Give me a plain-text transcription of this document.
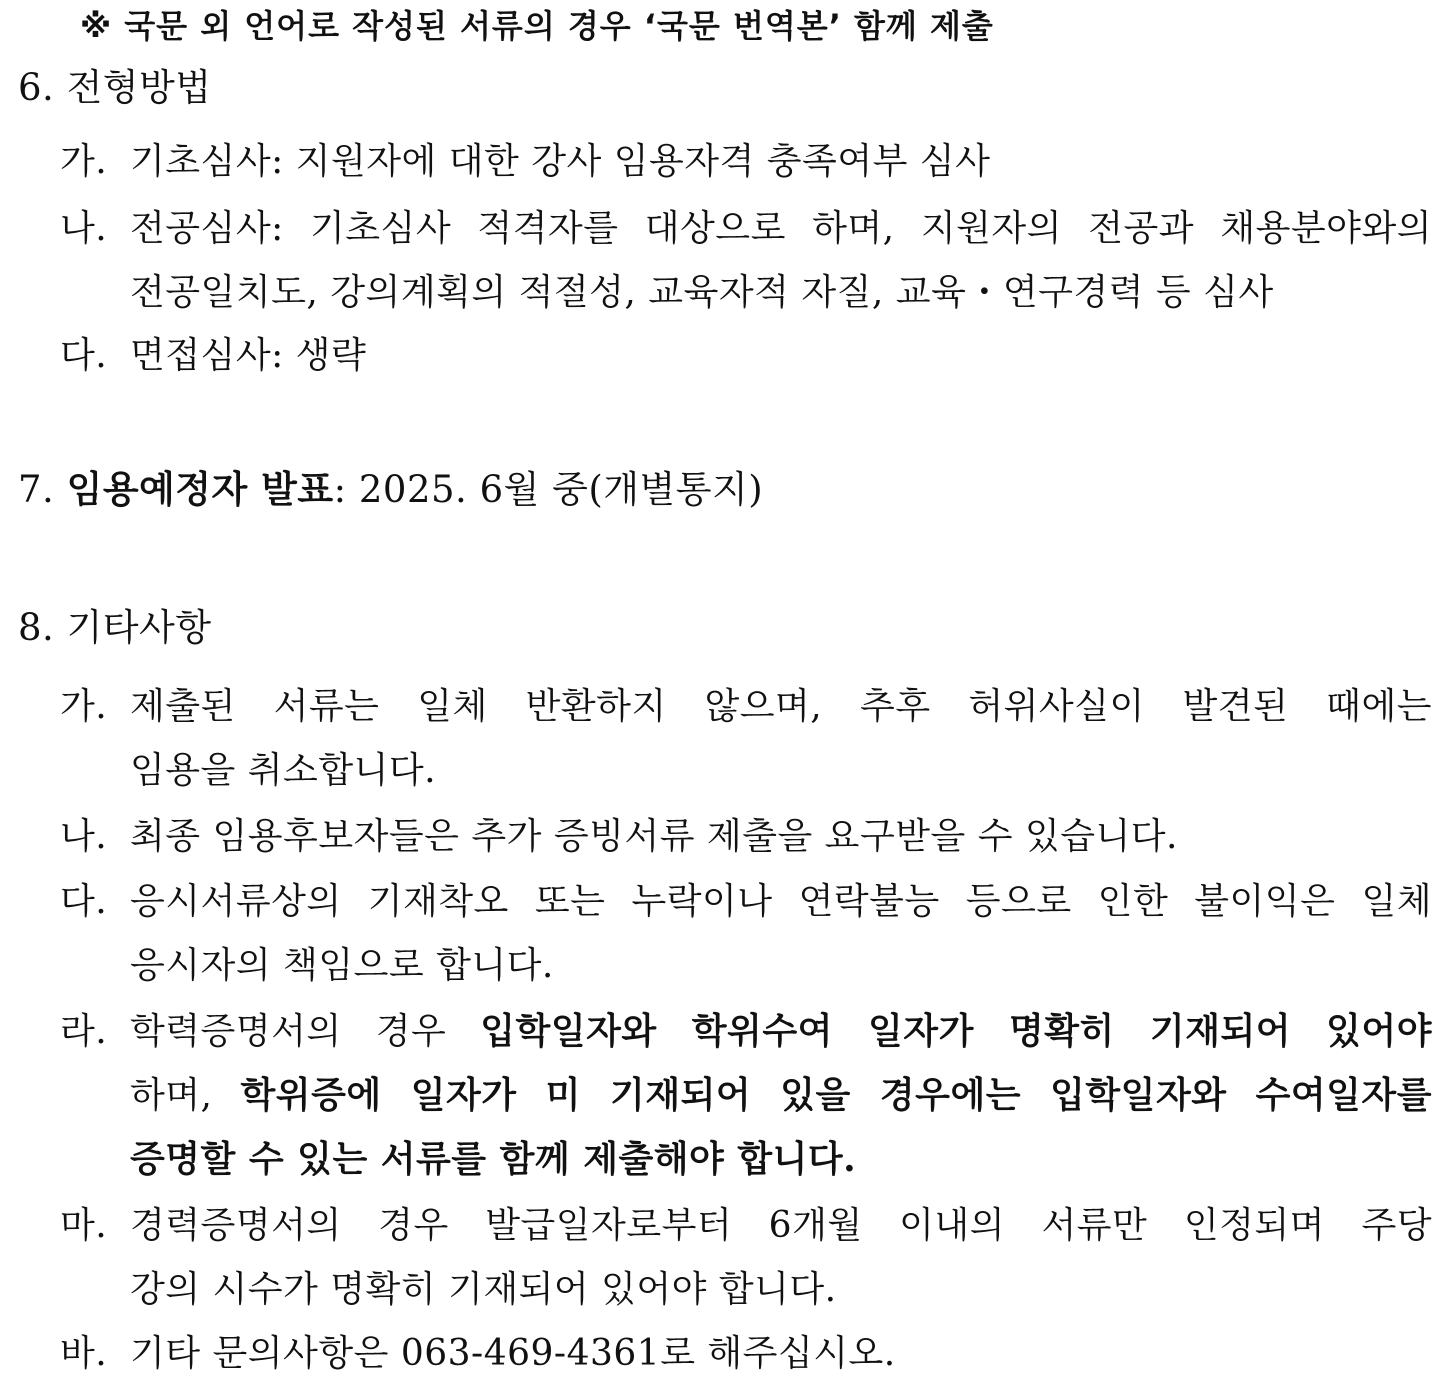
※ 국문 외 언어로 작성된 서류의 경우 ‘국문 번역본’ 함께 제출
6. 전형방법
가. 기초심사: 지원자에 대한 강사 임용자격 충족여부 심사
나. 전공심사: 기초심사 적격자를 대상으로 하며, 지원자의 전공과 채용분야와의
전공일치도, 강의계획의 적절성, 교육자적 자질, 교육・연구경력 등 심사
다. 면접심사: 생략
7. 임용예정자 발표: 2025. 6월 중(개별통지)
8. 기타사항
가. 제출된 서류는 일체 반환하지 않으며, 추후 허위사실이 발견된 때에는
임용을 취소합니다.
나. 최종 임용후보자들은 추가 증빙서류 제출을 요구받을 수 있습니다.
다. 응시서류상의 기재착오 또는 누락이나 연락불능 등으로 인한 불이익은 일체
응시자의 책임으로 합니다.
라. 학력증명서의 경우 입학일자와 학위수여 일자가 명확히 기재되어 있어야
하며, 학위증에 일자가 미 기재되어 있을 경우에는 입학일자와 수여일자를
증명할 수 있는 서류를 함께 제출해야 합니다.
마. 경력증명서의 경우 발급일자로부터 6개월 이내의 서류만 인정되며 주당
강의 시수가 명확히 기재되어 있어야 합니다.
바. 기타 문의사항은 063-469-4361로 해주십시오.
